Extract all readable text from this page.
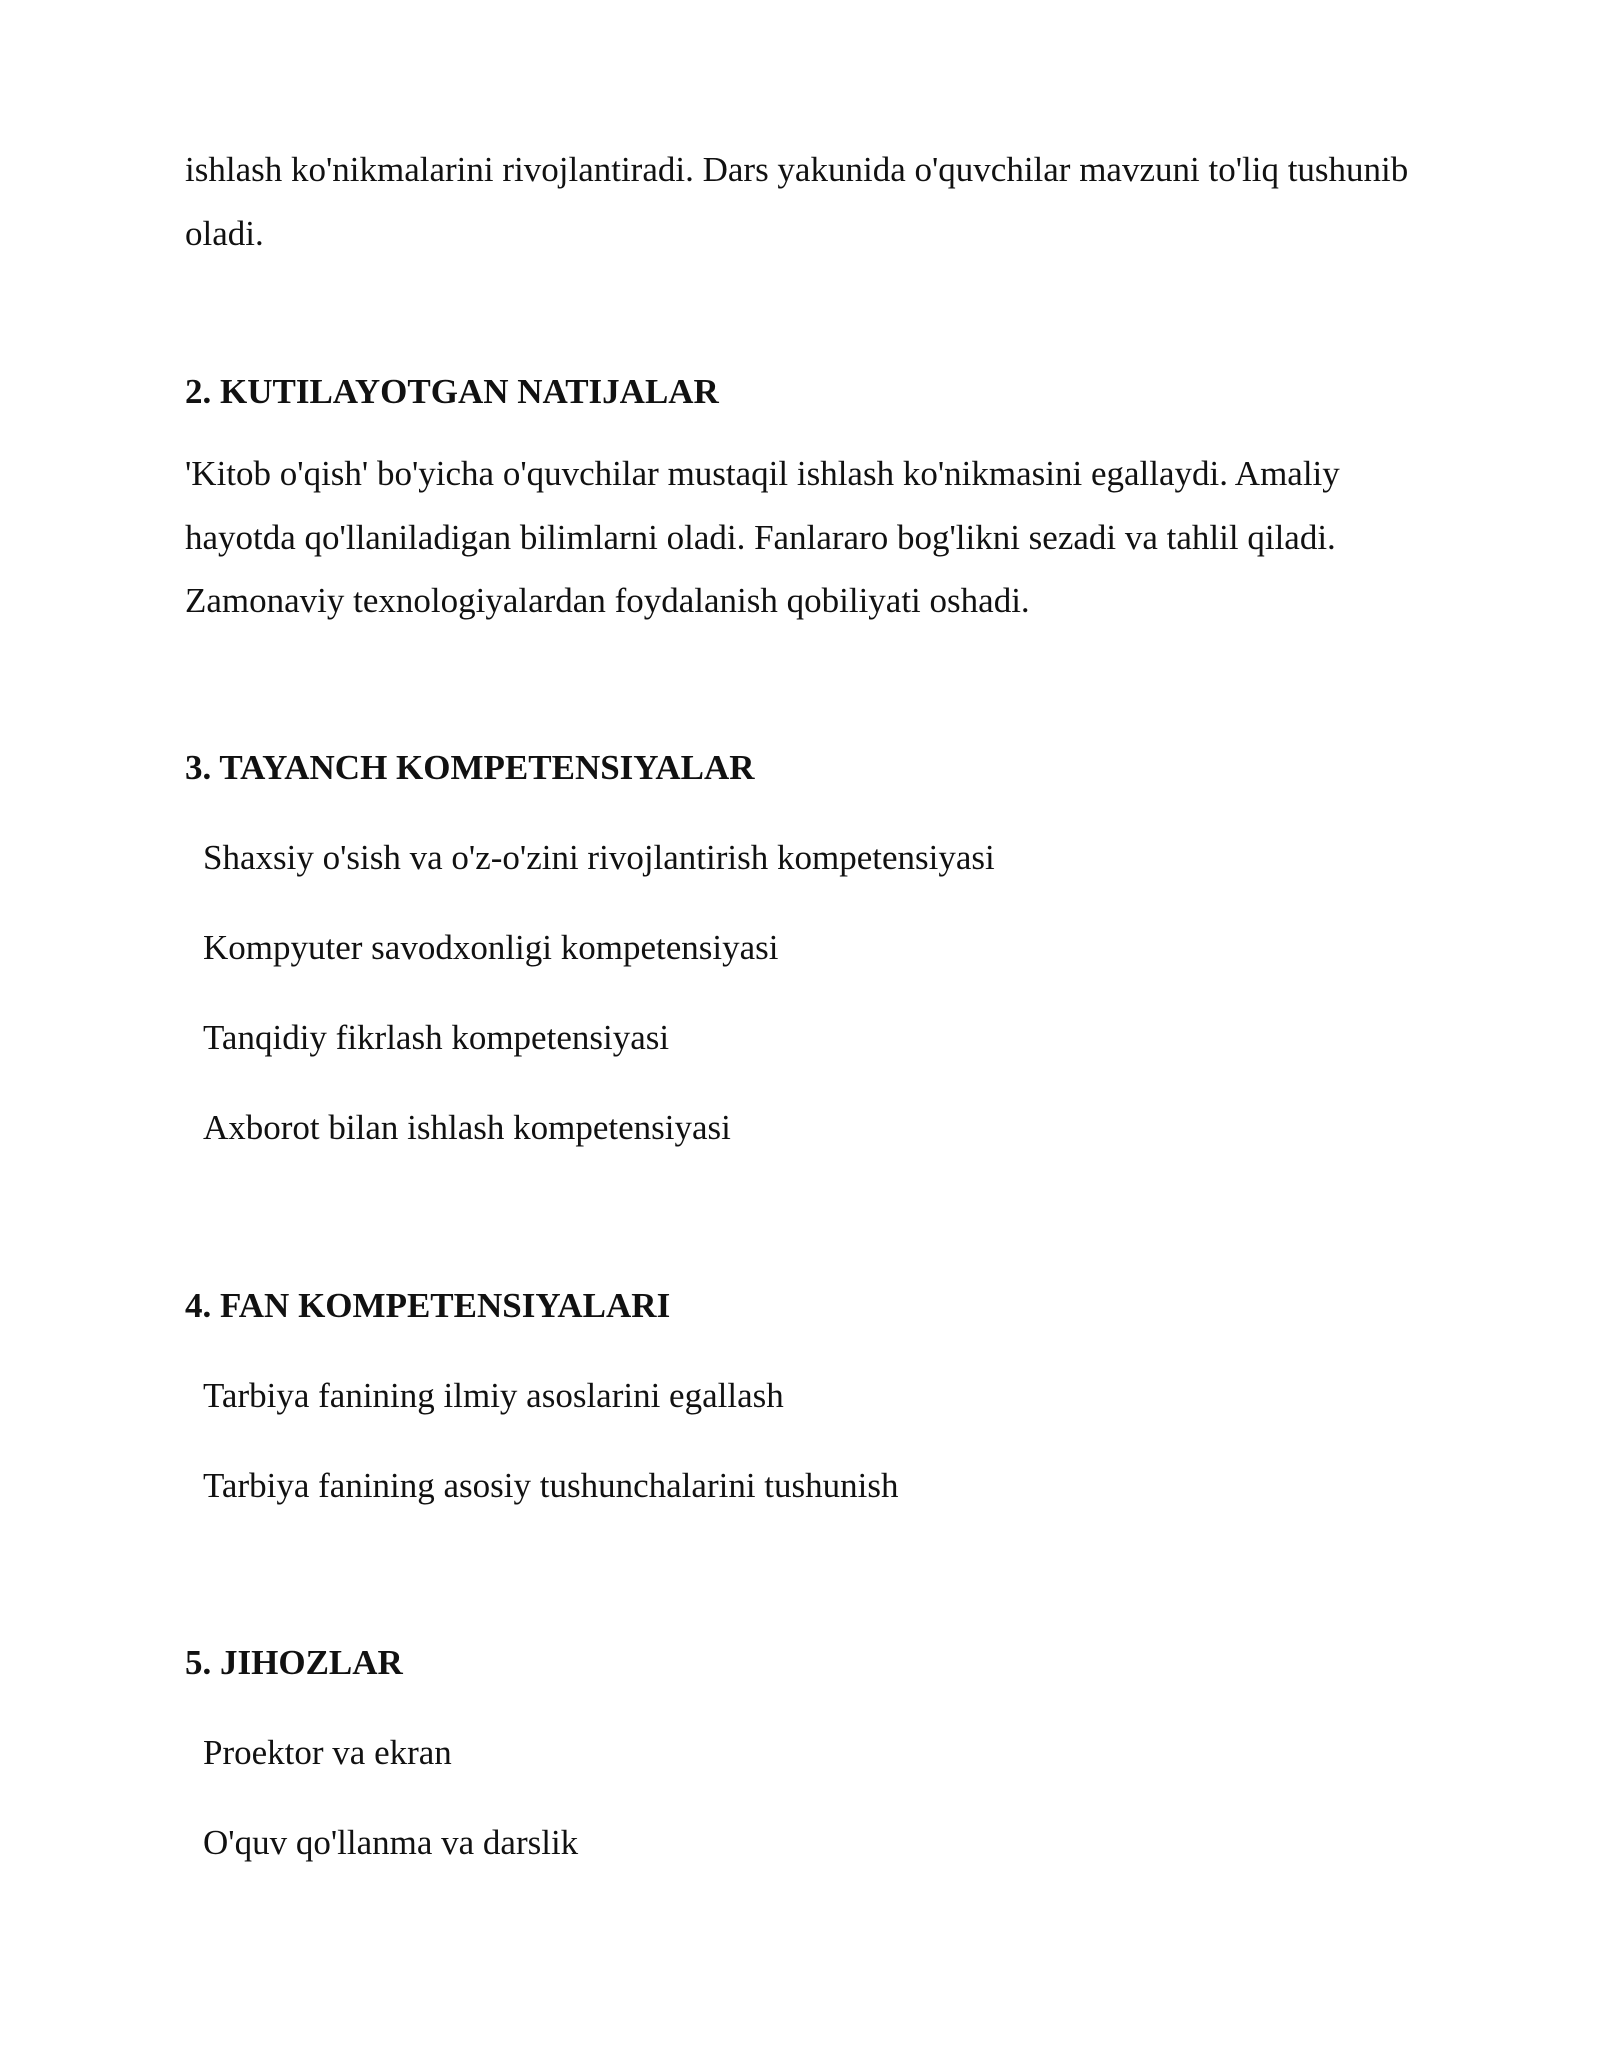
ishlash ko'nikmalarini rivojlantiradi. Dars yakunida o'quvchilar mavzuni to'liq tushunib oladi.

2. KUTILAYOTGAN NATIJALAR

'Kitob o'qish' bo'yicha o'quvchilar mustaqil ishlash ko'nikmasini egallaydi. Amaliy hayotda qo'llaniladigan bilimlarni oladi. Fanlararo bog'likni sezadi va tahlil qiladi. Zamonaviy texnologiyalardan foydalanish qobiliyati oshadi.

3. TAYANCH KOMPETENSIYALAR

Shaxsiy o'sish va o'z-o'zini rivojlantirish kompetensiyasi

Kompyuter savodxonligi kompetensiyasi

Tanqidiy fikrlash kompetensiyasi

Axborot bilan ishlash kompetensiyasi

4. FAN KOMPETENSIYALARI

Tarbiya fanining ilmiy asoslarini egallash

Tarbiya fanining asosiy tushunchalarini tushunish

5. JIHOZLAR

Proektor va ekran

O'quv qo'llanma va darslik
